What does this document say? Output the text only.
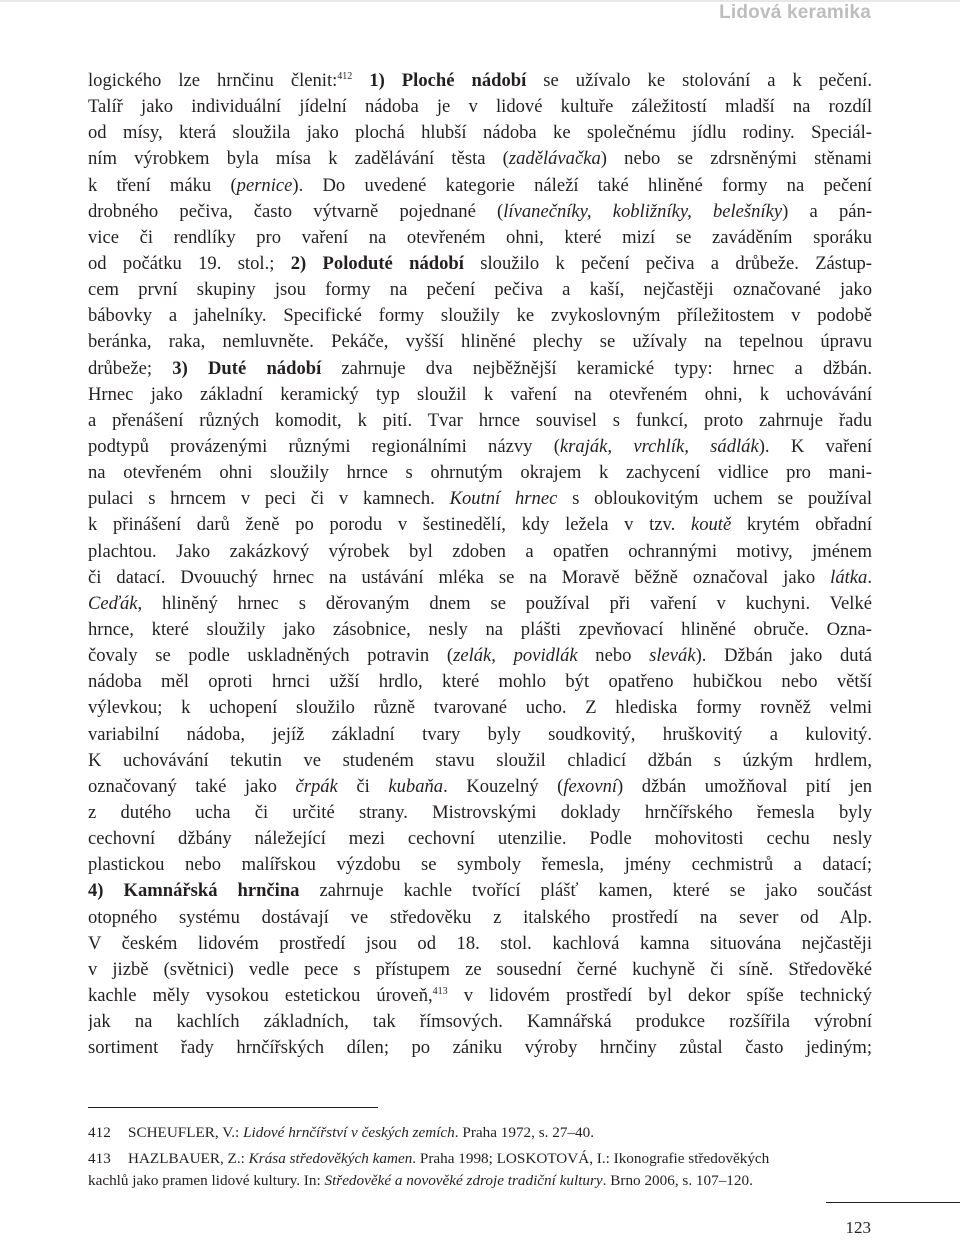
Lidová keramika
logického lze hrnčinu členit:$^{412}$ 1) Ploché nádobí se užívalo ke stolování a k pečení.
Talíř jako individuální jídelní nádoba je v lidové kultuře záležitostí mladší na rozdíl
od mísy, která sloužila jako plochá hlubší nádoba ke společnému jídlu rodiny. Speciál-
ním výrobkem byla mísa k zadělávání těsta (zadělávačka) nebo se zdrsněnými stěnami
k tření máku (pernice). Do uvedené kategorie náleží také hliněné formy na pečení
drobného pečiva, často výtvarně pojednané (lívanečníky, kobližníky, belešníky) a pán-
vice či rendlíky pro vaření na otevřeném ohni, které mizí se zaváděním sporáku
od počátku 19. stol.; 2) Poloduté nádobí sloužilo k pečení pečiva a drůbeže. Zástup-
cem první skupiny jsou formy na pečení pečiva a kaší, nejčastěji označované jako
bábovky a jahelníky. Specifické formy sloužily ke zvykoslovným příležitostem v podobě
beránka, raka, nemluvněte. Pekáče, vyšší hliněné plechy se užívaly na tepelnou úpravu
drůbeže; 3) Duté nádobí zahrnuje dva nejběžnější keramické typy: hrnec a džbán.
Hrnec jako základní keramický typ sloužil k vaření na otevřeném ohni, k uchovávání
a přenášení různých komodit, k pití. Tvar hrnce souvisel s funkcí, proto zahrnuje řadu
podtypů provázenými různými regionálními názvy (kraják, vrchlík, sádlák). K vaření
na otevřeném ohni sloužily hrnce s ohrnutým okrajem k zachycení vidlice pro mani-
pulaci s hrncem v peci či v kamnech. Koutní hrnec s obloukovitým uchem se používal
k přinášení darů ženě po porodu v šestinedělí, kdy ležela v tzv. koutě krytém obřadní
plachtou. Jako zakázkový výrobek byl zdoben a opatřen ochrannými motivy, jménem
či datací. Dvouuchý hrnec na ustávání mléka se na Moravě běžně označoval jako látka.
Ceďák, hliněný hrnec s děrovaným dnem se používal při vaření v kuchyni. Velké
hrnce, které sloužily jako zásobnice, nesly na plášti zpevňovací hliněné obruče. Ozna-
čovaly se podle uskladněných potravin (zelák, povidlák nebo slevák). Džbán jako dutá
nádoba měl oproti hrnci užší hrdlo, které mohlo být opatřeno hubičkou nebo větší
výlevkou; k uchopení sloužilo různě tvarované ucho. Z hlediska formy rovněž velmi
variabilní nádoba, jejíž základní tvary byly soudkovitý, hruškovitý a kulovitý.
K uchovávání tekutin ve studeném stavu sloužil chladicí džbán s úzkým hrdlem,
označovaný také jako črpák či kubaňa. Kouzelný (fexovní) džbán umožňoval pití jen
z dutého ucha či určité strany. Mistrovskými doklady hrnčířského řemesla byly
cechovní džbány náležející mezi cechovní utenzilie. Podle mohovitosti cechu nesly
plastickou nebo malířskou výzdobu se symboly řemesla, jmény cechmistrů a datací;
4) Kamnářská hrnčina zahrnuje kachle tvořící plášť kamen, které se jako součást
otopného systému dostávají ve středověku z italského prostředí na sever od Alp.
V českém lidovém prostředí jsou od 18. stol. kachlová kamna situována nejčastěji
v jizbě (světnici) vedle pece s přístupem ze sousední černé kuchyně či síně. Středověké
kachle měly vysokou estetickou úroveň,$^{413}$ v lidovém prostředí byl dekor spíše technický
jak na kachlích základních, tak římsových. Kamnářská produkce rozšířila výrobní
sortiment řady hrnčířských dílen; po zániku výroby hrnčiny zůstal často jediným;
412 SCHEUFLER, V.: Lidové hrnčířství v českých zemích. Praha 1972, s. 27–40.
413 HAZLBAUER, Z.: Krása středověkých kamen. Praha 1998; LOSKOTOVÁ, I.: Ikonografie středověkých
kachlů jako pramen lidové kultury. In: Středověké a novověké zdroje tradiční kultury. Brno 2006, s. 107–120.
123
